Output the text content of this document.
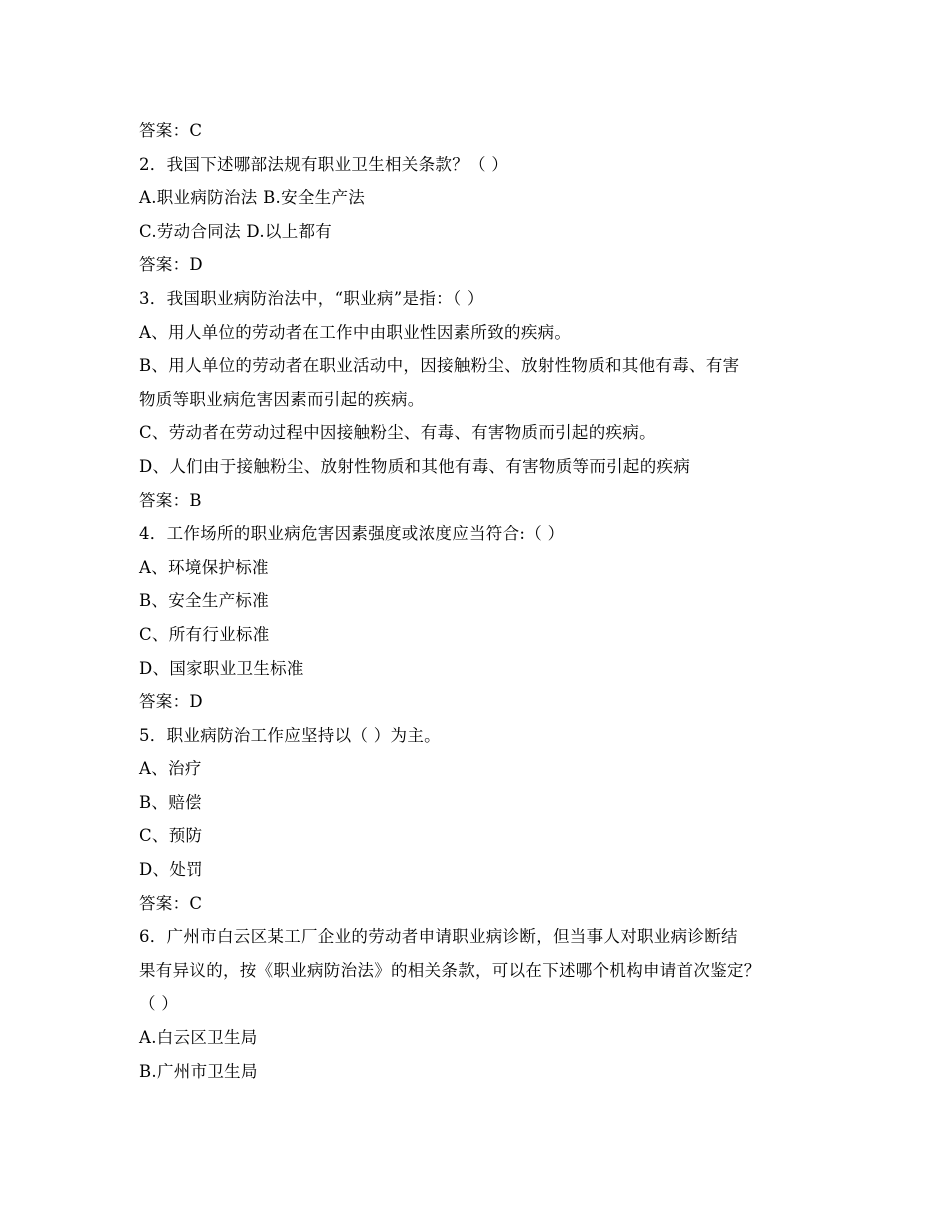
答案：C
2．我国下述哪部法规有职业卫生相关条款？（ ）
A.职业病防治法 B.安全生产法
C.劳动合同法 D.以上都有
答案：D
3．我国职业病防治法中，“职业病”是指：（ ）
A、用人单位的劳动者在工作中由职业性因素所致的疾病。
B、用人单位的劳动者在职业活动中，因接触粉尘、放射性物质和其他有毒、有害
物质等职业病危害因素而引起的疾病。
C、劳动者在劳动过程中因接触粉尘、有毒、有害物质而引起的疾病。
D、人们由于接触粉尘、放射性物质和其他有毒、有害物质等而引起的疾病
答案：B
4．工作场所的职业病危害因素强度或浓度应当符合:（ ）
A、环境保护标准
B、安全生产标准
C、所有行业标准
D、国家职业卫生标准
答案：D
5．职业病防治工作应坚持以（ ）为主。
A、治疗
B、赔偿
C、预防
D、处罚
答案：C
6．广州市白云区某工厂企业的劳动者申请职业病诊断，但当事人对职业病诊断结
果有异议的，按《职业病防治法》的相关条款，可以在下述哪个机构申请首次鉴定？
（ ）
A.白云区卫生局
B.广州市卫生局
